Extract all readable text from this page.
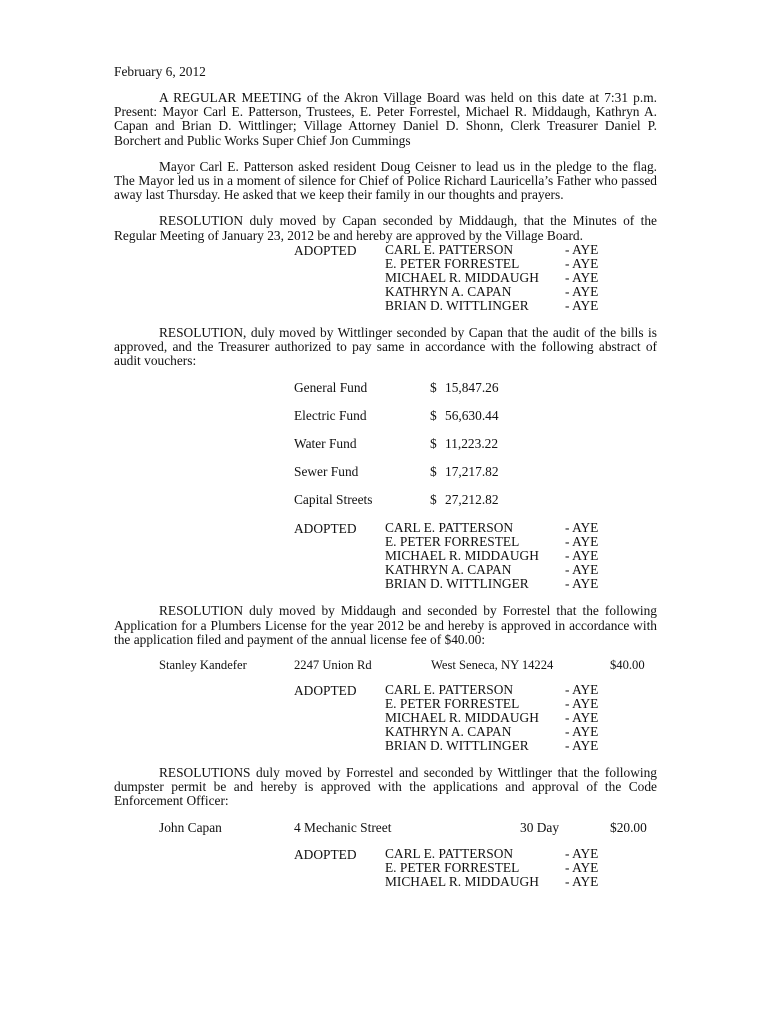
February 6, 2012

A REGULAR MEETING of the Akron Village Board was held on this date at 7:31 p.m. Present: Mayor Carl E. Patterson, Trustees, E. Peter Forrestel, Michael R. Middaugh, Kathryn A. Capan and Brian D. Wittlinger; Village Attorney Daniel D. Shonn, Clerk Treasurer Daniel P. Borchert and Public Works Super Chief Jon Cummings

Mayor Carl E. Patterson asked resident Doug Ceisner to lead us in the pledge to the flag. The Mayor led us in a moment of silence for Chief of Police Richard Lauricella’s Father who passed away last Thursday. He asked that we keep their family in our thoughts and prayers.

RESOLUTION duly moved by Capan seconded by Middaugh, that the Minutes of the Regular Meeting of January 23, 2012 be and hereby are approved by the Village Board.

ADOPTED CARL E. PATTERSON	- AYE
E. PETER FORRESTEL	- AYE
MICHAEL R. MIDDAUGH	- AYE
KATHRYN A. CAPAN	- AYE
BRIAN D. WITTLINGER	- AYE

RESOLUTION, duly moved by Wittlinger seconded by Capan that the audit of the bills is approved, and the Treasurer authorized to pay same in accordance with the following abstract of audit vouchers:

General Fund	$ 15,847.26
Electric Fund	$ 56,630.44
Water Fund	$ 11,223.22
Sewer Fund	$ 17,217.82
Capital Streets	$ 27,212.82
ADOPTED CARL E. PATTERSON	- AYE
E. PETER FORRESTEL	- AYE
MICHAEL R. MIDDAUGH	- AYE
KATHRYN A. CAPAN	- AYE
BRIAN D. WITTLINGER	- AYE

RESOLUTION duly moved by Middaugh and seconded by Forrestel that the following Application for a Plumbers License for the year 2012 be and hereby is approved in accordance with the application filed and payment of the annual license fee of $40.00:

Stanley Kandefer	2247 Union Rd	West Seneca, NY 14224	$40.00
ADOPTED CARL E. PATTERSON	- AYE
E. PETER FORRESTEL	- AYE
MICHAEL R. MIDDAUGH	- AYE
KATHRYN A. CAPAN	- AYE
BRIAN D. WITTLINGER	- AYE

RESOLUTIONS duly moved by Forrestel and seconded by Wittlinger that the following dumpster permit be and hereby is approved with the applications and approval of the Code Enforcement Officer:

John Capan	4 Mechanic Street	30 Day	$20.00
ADOPTED CARL E. PATTERSON	- AYE
E. PETER FORRESTEL	- AYE
MICHAEL R. MIDDAUGH	- AYE
